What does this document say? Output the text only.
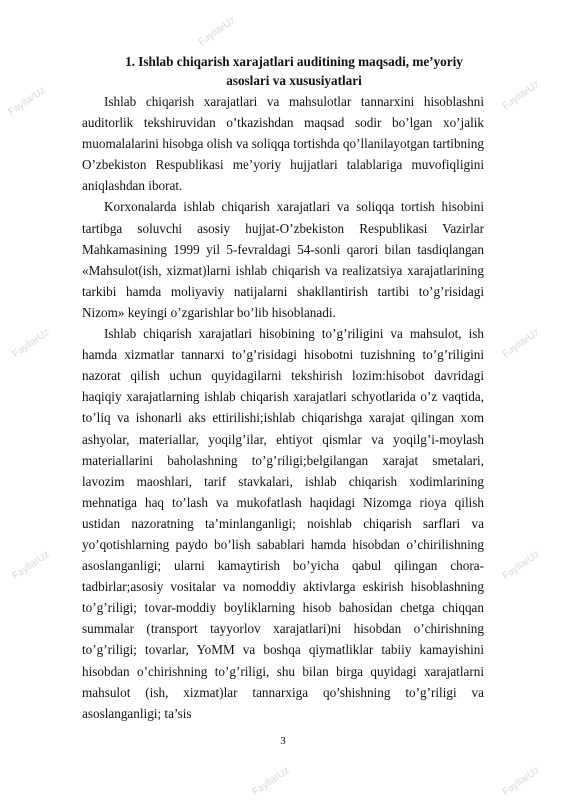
FayllarUz
FayllarUz
FayllarUz
FayllarUz	FayllarUz
FayllarUz	FayllarUz
FayllarUz	FayllarUz
1. Ishlab chiqarish xarajatlari auditining maqsadi, me’yoriy asoslari va xususiyatlari

Ishlab chiqarish xarajatlari va mahsulotlar tannarxini hisoblashni auditorlik tekshiruvidan o’tkazishdan maqsad sodir bo’lgan xo’jalik muomalalarini hisobga olish va soliqqa tortishda qo’llanilayotgan tartibning O’zbekiston Respublikasi me’yoriy hujjatlari talablariga muvofiqligini aniqlashdan iborat.

Korxonalarda ishlab chiqarish xarajatlari va soliqqa tortish hisobini tartibga soluvchi asosiy hujjat-O’zbekiston Respublikasi Vazirlar Mahkamasining 1999 yil 5-fevraldagi 54-sonli qarori bilan tasdiqlangan «Mahsulot(ish, xizmat)larni ishlab chiqarish va realizatsiya xarajatlarining tarkibi hamda moliyaviy natijalarni shakllantirish tartibi to’g’risidagi Nizom» keyingi o’zgarishlar bo’lib hisoblanadi.

Ishlab chiqarish xarajatlari hisobining to’g’riligini va mahsulot, ish hamda xizmatlar tannarxi to’g’risidagi hisobotni tuzishning to’g’riligini nazorat qilish uchun quyidagilarni tekshirish lozim:hisobot davridagi haqiqiy xarajatlarning ishlab chiqarish xarajatlari schyotlarida o’z vaqtida, to’liq va ishonarli aks ettirilishi;ishlab chiqarishga xarajat qilingan xom ashyolar, materiallar, yoqilg’ilar, ehtiyot qismlar va yoqilg’i-moylash materiallarini baholashning to’g’riligi;belgilangan xarajat smetalari, lavozim maoshlari, tarif stavkalari, ishlab chiqarish xodimlarining mehnatiga haq to’lash va mukofatlash haqidagi Nizomga rioya qilish ustidan nazoratning ta’minlanganligi; noishlab chiqarish sarflari va yo’qotishlarning paydo bo’lish sabablari hamda hisobdan o’chirilishning asoslanganligi; ularni kamaytirish bo’yicha qabul qilingan chora-tadbirlar;asosiy vositalar va nomoddiy aktivlarga eskirish hisoblashning to’g’riligi; tovar-moddiy boyliklarning hisob bahosidan chetga chiqqan summalar (transport tayyorlov xarajatlari)ni hisobdan o’chirishning to’g’riligi; tovarlar, YoMM va boshqa qiymatliklar tabiiy kamayishini hisobdan o’chirishning to’g’riligi, shu bilan birga quyidagi xarajatlarni mahsulot (ish, xizmat)lar tannarxiga qo’shishning to’g’riligi va asoslanganligi; ta’sis

3
